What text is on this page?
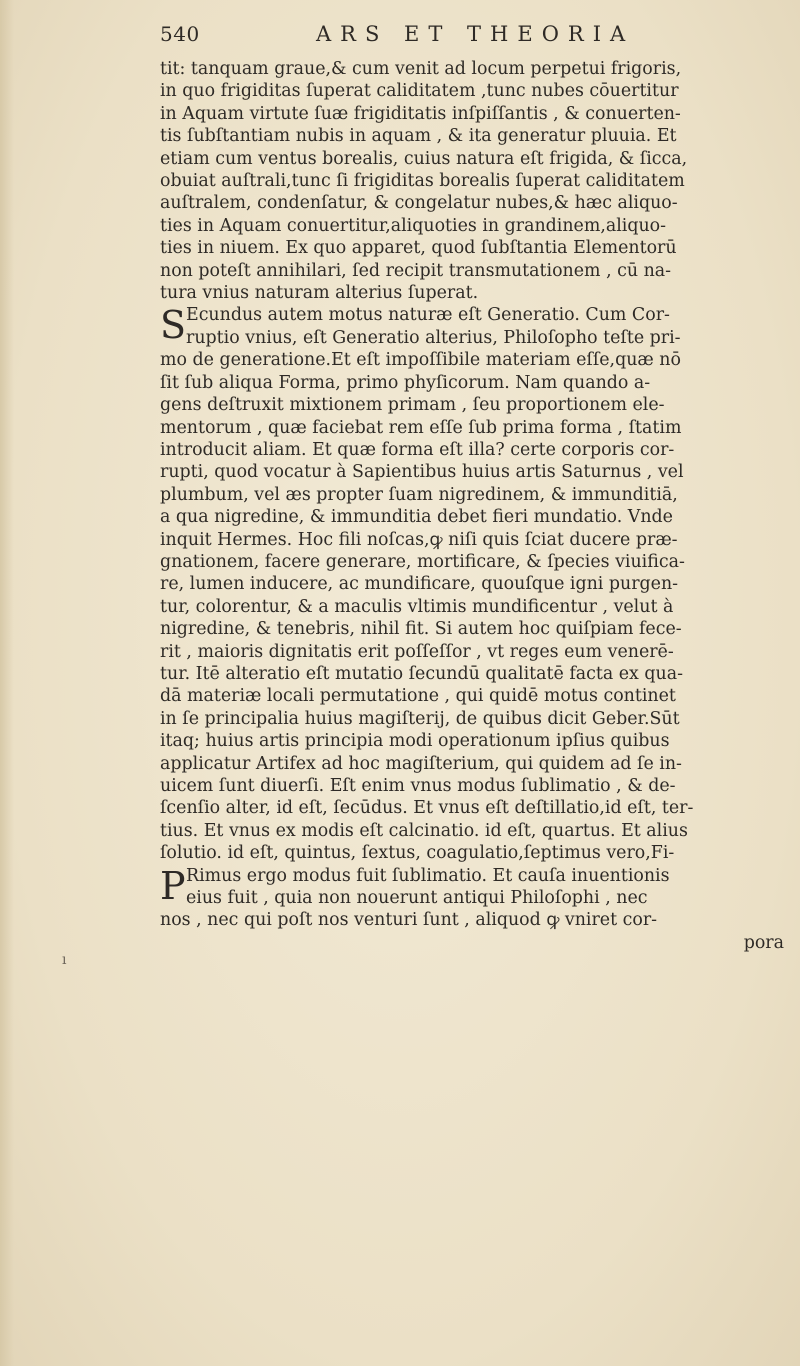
540	ARS ET THEORIA
tit: tanquam graue,& cum venit ad locum perpetui frigoris,
in quo frigiditas ſuperat caliditatem ,tunc nubes cōuertitur
in Aquam virtute ſuæ frigiditatis inſpiſſantis , & conuerten-
tis ſubſtantiam nubis in aquam , & ita generatur pluuia. Et
etiam cum ventus borealis, cuius natura eſt frigida, & ſicca,
obuiat auſtrali,tunc ſi frigiditas borealis ſuperat caliditatem
auſtralem, condenſatur, & congelatur nubes,& hæc aliquo-
ties in Aquam conuertitur,aliquoties in grandinem,aliquo-
ties in niuem. Ex quo apparet, quod ſubſtantia Elementorū
non poteſt annihilari, ſed recipit transmutationem , cū na-
tura vnius naturam alterius ſuperat.
S Ecundus autem motus naturæ eſt Generatio. Cum Cor-
ruptio vnius, eſt Generatio alterius, Philoſopho teſte pri-
mo de generatione.Et eſt impoſſibile materiam eſſe,quæ nō
ſit ſub aliqua Forma, primo phyſicorum. Nam quando a-
gens deſtruxit mixtionem primam , ſeu proportionem ele-
mentorum , quæ faciebat rem eſſe ſub prima forma , ſtatim
introducit aliam. Et quæ forma eſt illa? certe corporis cor-
rupti, quod vocatur à Sapientibus huius artis Saturnus , vel
plumbum, vel æs propter ſuam nigredinem, & immunditiā,
a qua nigredine, & immunditia debet fieri mundatio. Vnde
inquit Hermes. Hoc fili noſcas,ꝙ niſi quis ſciat ducere præ-
gnationem, facere generare, mortificare, & ſpecies viuifica-
re, lumen inducere, ac mundificare, quouſque igni purgen-
tur, colorentur, & a maculis vltimis mundificentur , velut à
nigredine, & tenebris, nihil fit. Si autem hoc quiſpiam fece-
rit , maioris dignitatis erit poſſeſſor , vt reges eum venerē-
tur. Itē alteratio eſt mutatio ſecundū qualitatē facta ex qua-
dā materiæ locali permutatione , qui quidē motus continet
in ſe principalia huius magiſterij, de quibus dicit Geber.Sūt
itaq; huius artis principia modi operationum ipſius quibus
applicatur Artifex ad hoc magiſterium, qui quidem ad ſe in-
uicem ſunt diuerſi. Eſt enim vnus modus ſublimatio , & de-
ſcenſio alter, id eſt, ſecūdus. Et vnus eſt deſtillatio,id eſt, ter-
tius. Et vnus ex modis eſt calcinatio. id eſt, quartus. Et alius
ſolutio. id eſt, quintus, ſextus, coagulatio,ſeptimus vero,Fi-
P Rimus ergo modus fuit ſublimatio. Et cauſa inuentionis
eius fuit , quia non nouerunt antiqui Philoſophi , nec
nos , nec qui poſt nos venturi ſunt , aliquod ꝙ vniret cor-
pora
ı
